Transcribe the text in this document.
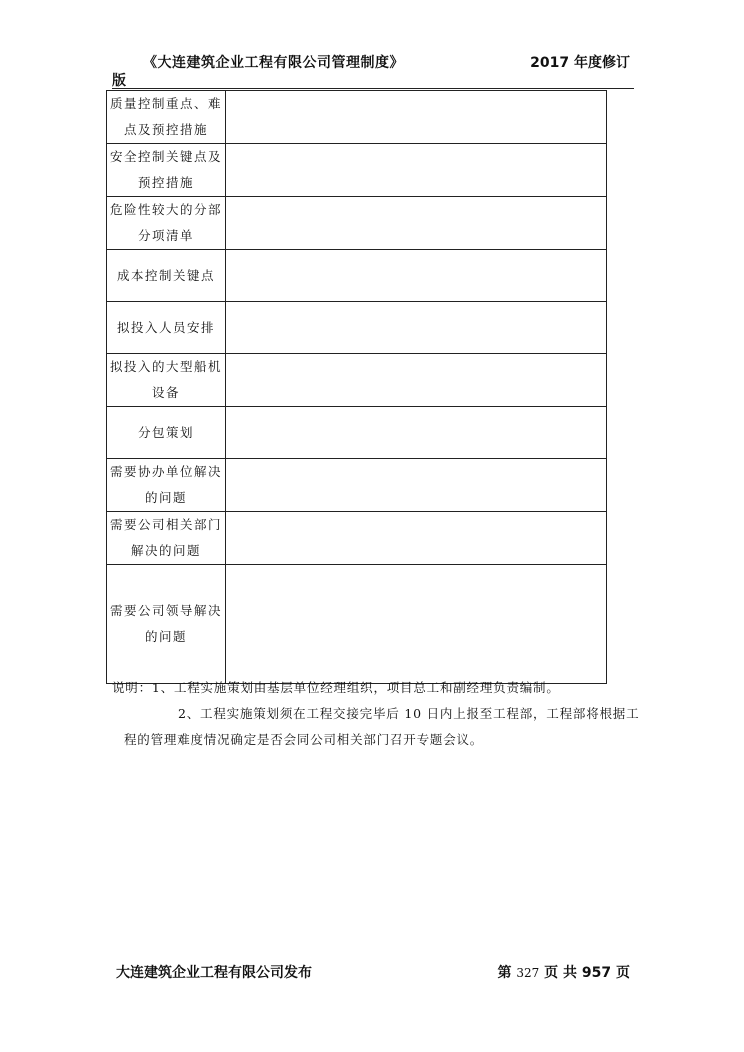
《大连建筑企业工程有限公司管理制度》	2017 年度修订
版
质量控制重点、难点及预控措施	
安全控制关键点及预控措施	
危险性较大的分部分项清单	
成本控制关键点	
拟投入人员安排	
拟投入的大型船机设备	
分包策划	
需要协办单位解决的问题	
需要公司相关部门解决的问题	
需要公司领导解决的问题	
说明：1、工程实施策划由基层单位经理组织，项目总工和副经理负责编制。
2、工程实施策划须在工程交接完毕后 10 日内上报至工程部，工程部将根据工
程的管理难度情况确定是否会同公司相关部门召开专题会议。
大连建筑企业工程有限公司发布	第 327 页 共 957 页
